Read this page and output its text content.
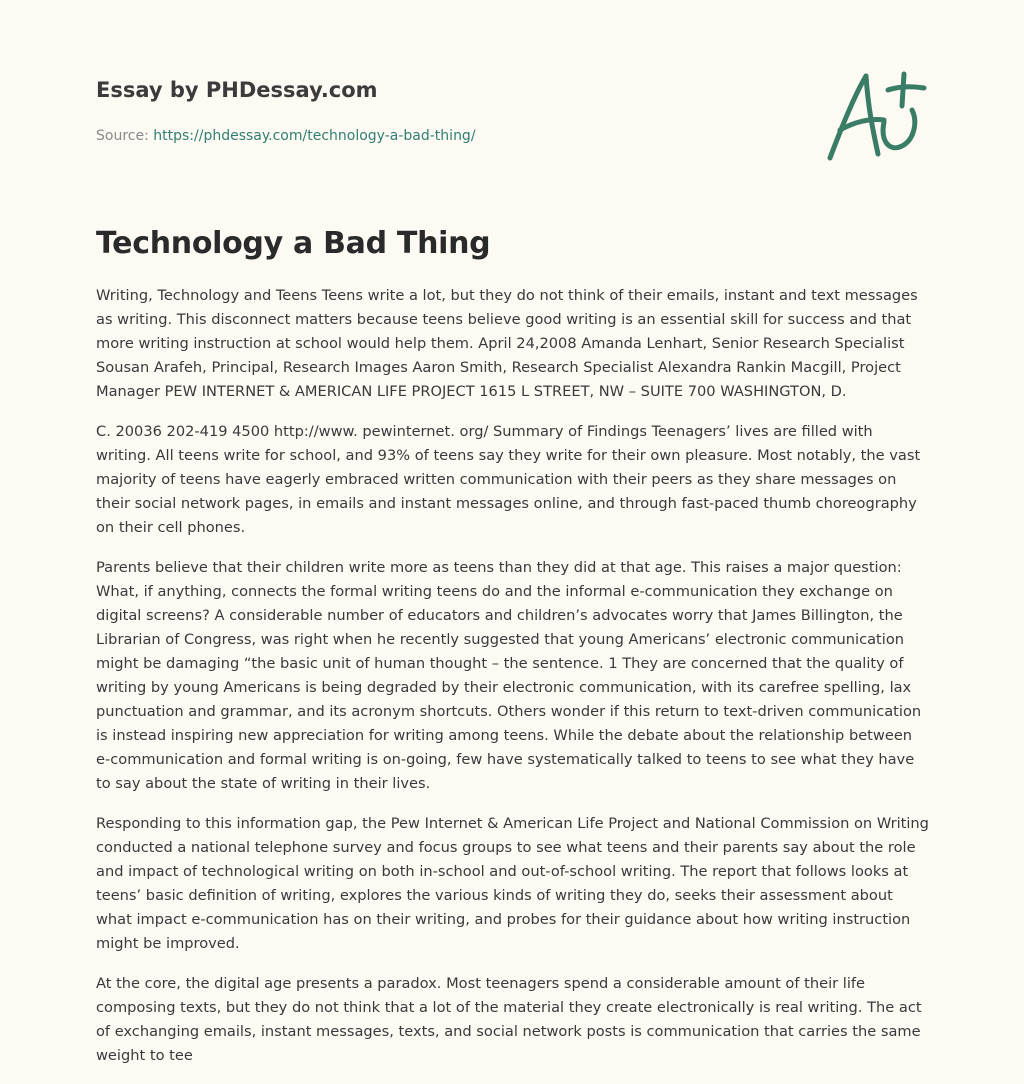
Essay by PHDessay.com
Source: https://phdessay.com/technology-a-bad-thing/
Technology a Bad Thing

Writing, Technology and Teens Teens write a lot, but they do not think of their emails, instant and text messages as writing. This disconnect matters because teens believe good writing is an essential skill for success and that more writing instruction at school would help them. April 24,2008 Amanda Lenhart, Senior Research Specialist Sousan Arafeh, Principal, Research Images Aaron Smith, Research Specialist Alexandra Rankin Macgill, Project Manager PEW INTERNET & AMERICAN LIFE PROJECT 1615 L STREET, NW – SUITE 700 WASHINGTON, D.

C. 20036 202-419 4500 http://www. pewinternet. org/ Summary of Findings Teenagers’ lives are filled with writing. All teens write for school, and 93% of teens say they write for their own pleasure. Most notably, the vast majority of teens have eagerly embraced written communication with their peers as they share messages on their social network pages, in emails and instant messages online, and through fast-paced thumb choreography on their cell phones.

Parents believe that their children write more as teens than they did at that age. This raises a major question: What, if anything, connects the formal writing teens do and the informal e-communication they exchange on digital screens? A considerable number of educators and children’s advocates worry that James Billington, the Librarian of Congress, was right when he recently suggested that young Americans’ electronic communication might be damaging “the basic unit of human thought – the sentence. 1 They are concerned that the quality of writing by young Americans is being degraded by their electronic communication, with its carefree spelling, lax punctuation and grammar, and its acronym shortcuts. Others wonder if this return to text-driven communication is instead inspiring new appreciation for writing among teens. While the debate about the relationship between e-communication and formal writing is on-going, few have systematically talked to teens to see what they have to say about the state of writing in their lives.

Responding to this information gap, the Pew Internet & American Life Project and National Commission on Writing conducted a national telephone survey and focus groups to see what teens and their parents say about the role and impact of technological writing on both in-school and out-of-school writing. The report that follows looks at teens’ basic definition of writing, explores the various kinds of writing they do, seeks their assessment about what impact e-communication has on their writing, and probes for their guidance about how writing instruction might be improved.

At the core, the digital age presents a paradox. Most teenagers spend a considerable amount of their life composing texts, but they do not think that a lot of the material they create electronically is real writing. The act of exchanging emails, instant messages, texts, and social network posts is communication that carries the same weight to tee
